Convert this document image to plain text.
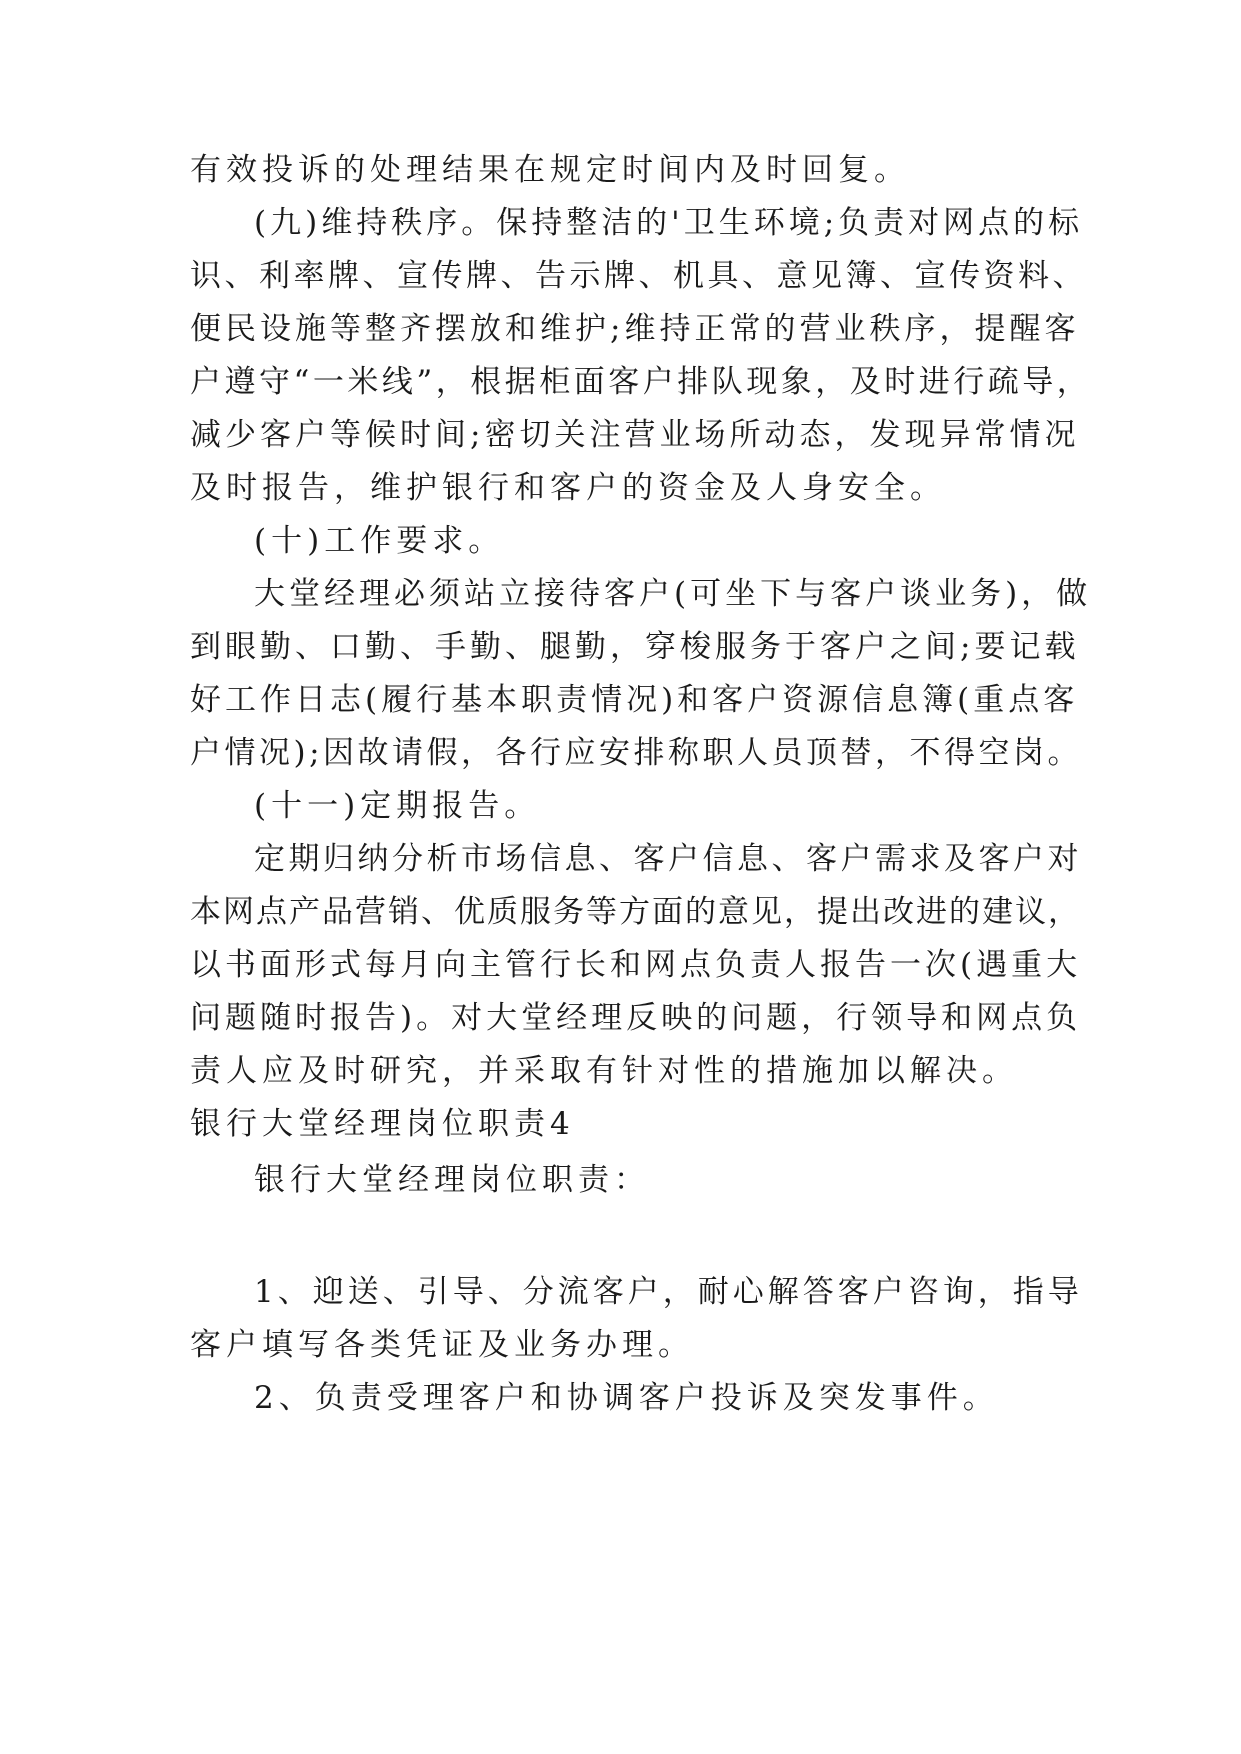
有效投诉的处理结果在规定时间内及时回复。
(九)维持秩序。保持整洁的'卫生环境;负责对网点的标
识、利率牌、宣传牌、告示牌、机具、意见簿、宣传资料、
便民设施等整齐摆放和维护;维持正常的营业秩序，提醒客
户遵守“一米线”，根据柜面客户排队现象，及时进行疏导，
减少客户等候时间;密切关注营业场所动态，发现异常情况
及时报告，维护银行和客户的资金及人身安全。
(十)工作要求。
大堂经理必须站立接待客户(可坐下与客户谈业务)，做
到眼勤、口勤、手勤、腿勤，穿梭服务于客户之间;要记载
好工作日志(履行基本职责情况)和客户资源信息簿(重点客
户情况);因故请假，各行应安排称职人员顶替，不得空岗。
(十一)定期报告。
定期归纳分析市场信息、客户信息、客户需求及客户对
本网点产品营销、优质服务等方面的意见，提出改进的建议，
以书面形式每月向主管行长和网点负责人报告一次(遇重大
问题随时报告)。对大堂经理反映的问题，行领导和网点负
责人应及时研究，并采取有针对性的措施加以解决。
银行大堂经理岗位职责4
银行大堂经理岗位职责：
1、迎送、引导、分流客户，耐心解答客户咨询，指导
客户填写各类凭证及业务办理。
2、负责受理客户和协调客户投诉及突发事件。
